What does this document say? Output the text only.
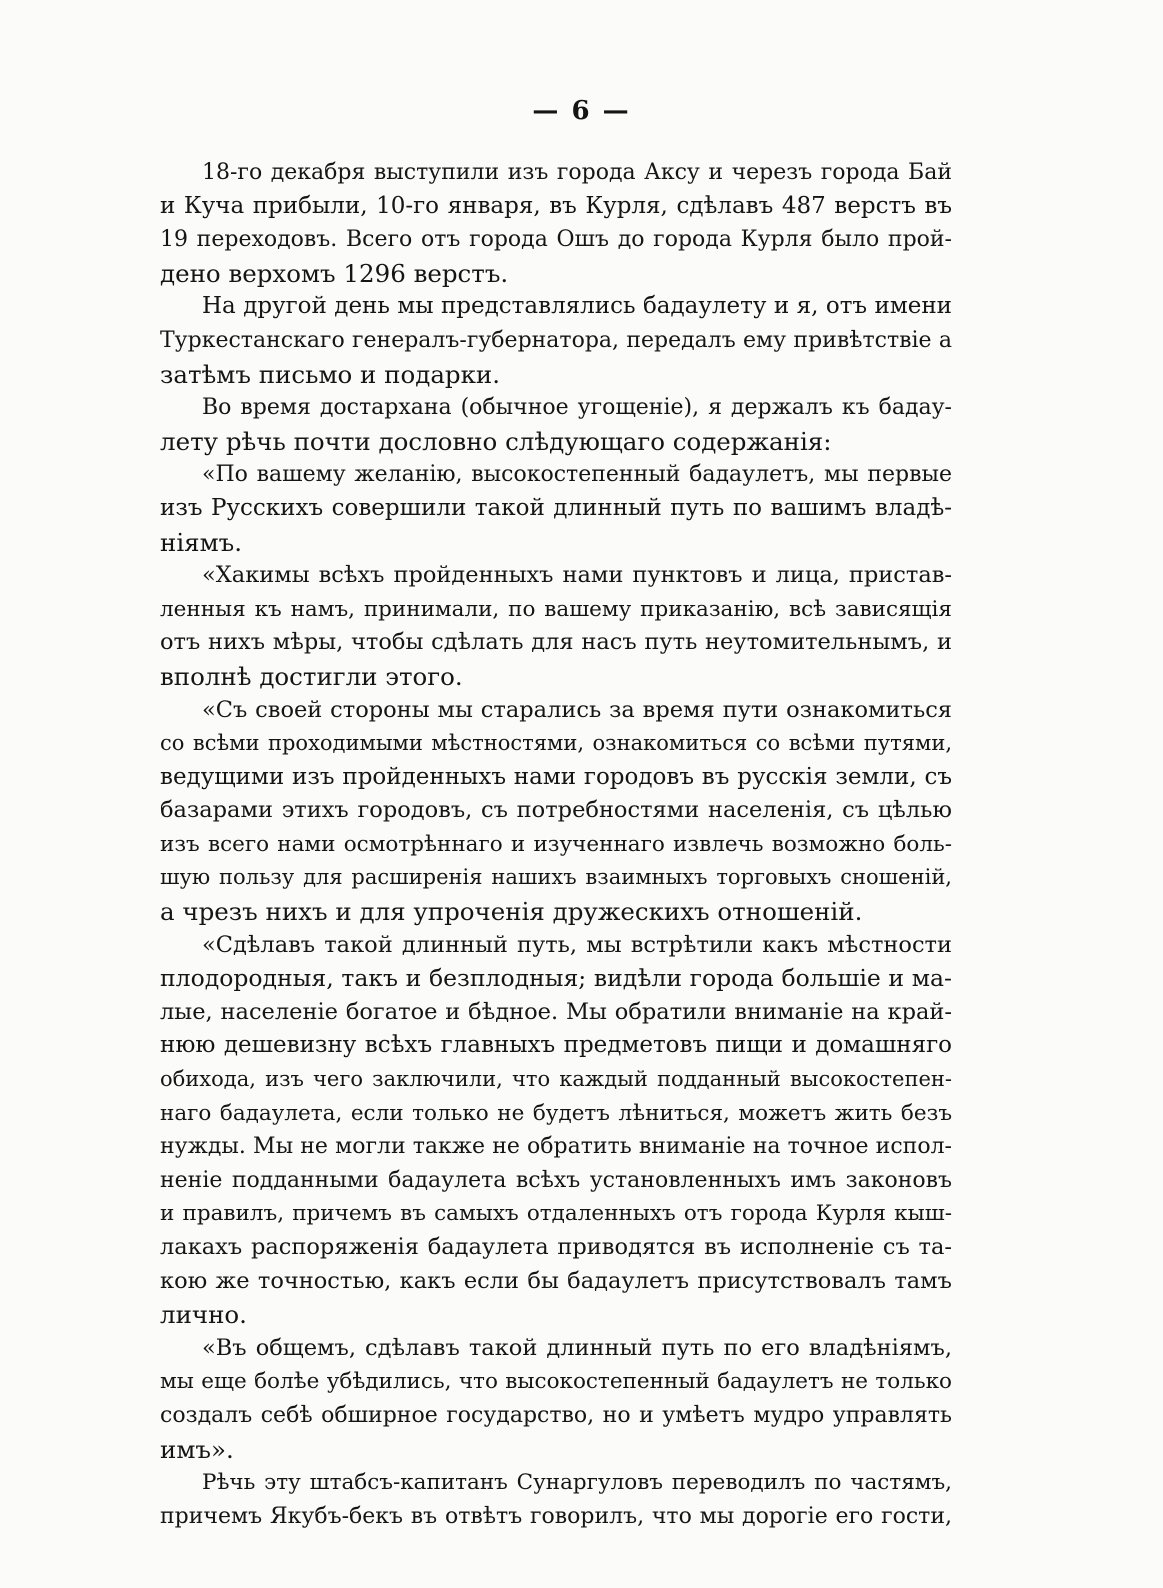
— 6 —
18-го декабря выступили изъ города Аксу и черезъ города Бай
и Куча прибыли, 10-го января, въ Курля, сдѣлавъ 487 верстъ въ
19 переходовъ. Всего отъ города Ошъ до города Курля было прой-
дено верхомъ 1296 верстъ.
На другой день мы представлялись бадаулету и я, отъ имени
Туркестанскаго генералъ-губернатора, передалъ ему привѣтствіе а
затѣмъ письмо и подарки.
Во время достархана (обычное угощеніе), я держалъ къ бадау-
лету рѣчь почти дословно слѣдующаго содержанія:
«По вашему желанію, высокостепенный бадаулетъ, мы первые
изъ Русскихъ совершили такой длинный путь по вашимъ владѣ-
ніямъ.
«Хакимы всѣхъ пройденныхъ нами пунктовъ и лица, пристав-
ленныя къ намъ, принимали, по вашему приказанію, всѣ зависящія
отъ нихъ мѣры, чтобы сдѣлать для насъ путь неутомительнымъ, и
вполнѣ достигли этого.
«Съ своей стороны мы старались за время пути ознакомиться
со всѣми проходимыми мѣстностями, ознакомиться со всѣми путями,
ведущими изъ пройденныхъ нами городовъ въ русскія земли, съ
базарами этихъ городовъ, съ потребностями населенія, съ цѣлью
изъ всего нами осмотрѣннаго и изученнаго извлечь возможно боль-
шую пользу для расширенія нашихъ взаимныхъ торговыхъ сношеній,
а чрезъ нихъ и для упроченія дружескихъ отношеній.
«Сдѣлавъ такой длинный путь, мы встрѣтили какъ мѣстности
плодородныя, такъ и безплодныя; видѣли города большіе и ма-
лые, населеніе богатое и бѣдное. Мы обратили вниманіе на край-
нюю дешевизну всѣхъ главныхъ предметовъ пищи и домашняго
обихода, изъ чего заключили, что каждый подданный высокостепен-
наго бадаулета, если только не будетъ лѣниться, можетъ жить безъ
нужды. Мы не могли также не обратить вниманіе на точное испол-
неніе подданными бадаулета всѣхъ установленныхъ имъ законовъ
и правилъ, причемъ въ самыхъ отдаленныхъ отъ города Курля кыш-
лакахъ распоряженія бадаулета приводятся въ исполненіе съ та-
кою же точностью, какъ если бы бадаулетъ присутствовалъ тамъ
лично.
«Въ общемъ, сдѣлавъ такой длинный путь по его владѣніямъ,
мы еще болѣе убѣдились, что высокостепенный бадаулетъ не только
создалъ себѣ обширное государство, но и умѣетъ мудро управлять
имъ».
Рѣчь эту штабсъ-капитанъ Сунаргуловъ переводилъ по частямъ,
причемъ Якубъ-бекъ въ отвѣтъ говорилъ, что мы дорогіе его гости,
